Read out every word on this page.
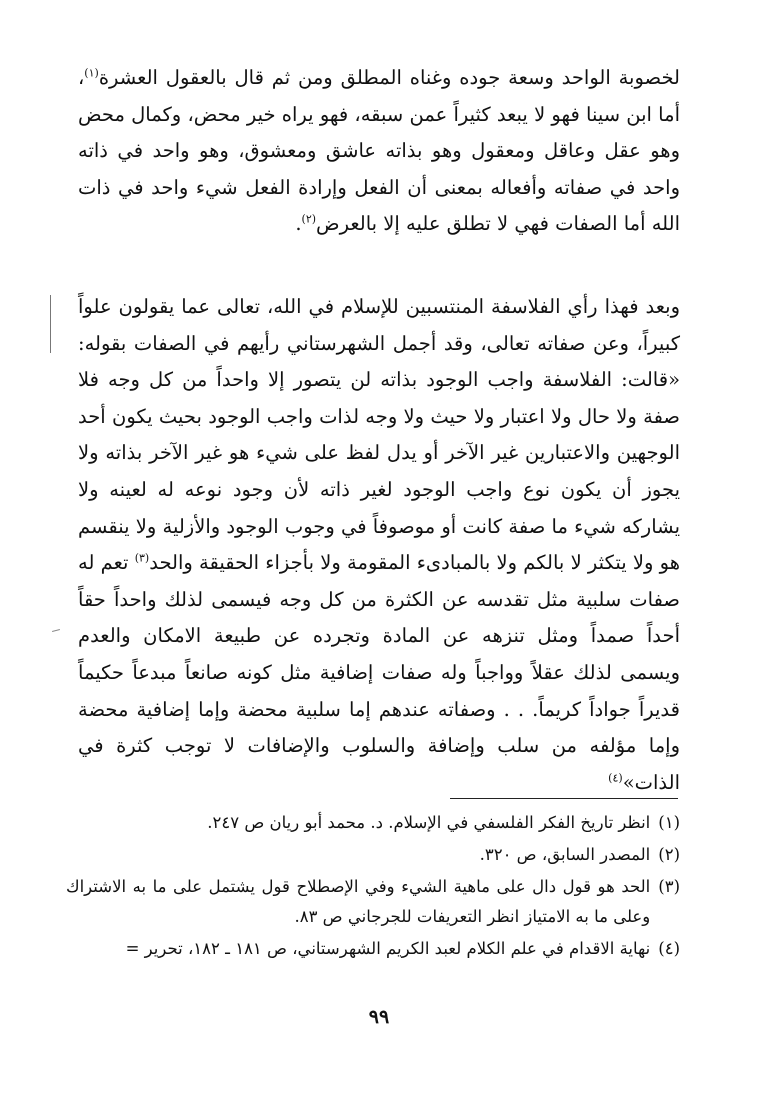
لخصوبة الواحد وسعة جوده وغناه المطلق ومن ثم قال بالعقول العشرة$^{(١)}$، أما ابن سينا فهو لا يبعد كثيراً عمن سبقه، فهو يراه خير محض، وكمال محض وهو عقل وعاقل ومعقول وهو بذاته عاشق ومعشوق، وهو واحد في ذاته واحد في صفاته وأفعاله بمعنى أن الفعل وإرادة الفعل شيء واحد في ذات الله أما الصفات فهي لا تطلق عليه إلا بالعرض$^{(٢)}$.

وبعد فهذا رأي الفلاسفة المنتسبين للإسلام في الله، تعالى عما يقولون علواً كبيراً، وعن صفاته تعالى، وقد أجمل الشهرستاني رأيهم في الصفات بقوله: «قالت: الفلاسفة واجب الوجود بذاته لن يتصور إلا واحداً من كل وجه فلا صفة ولا حال ولا اعتبار ولا حيث ولا وجه لذات واجب الوجود بحيث يكون أحد الوجهين والاعتبارين غير الآخر أو يدل لفظ على شيء هو غير الآخر بذاته ولا يجوز أن يكون نوع واجب الوجود لغير ذاته لأن وجود نوعه له لعينه ولا يشاركه شيء ما صفة كانت أو موصوفاً في وجوب الوجود والأزلية ولا ينقسم هو ولا يتكثر لا بالكم ولا بالمبادىء المقومة ولا بأجزاء الحقيقة والحد$^{(٣)}$ تعم له صفات سلبية مثل تقدسه عن الكثرة من كل وجه فيسمى لذلك واحداً حقاً أحداً صمداً ومثل تنزهه عن المادة وتجرده عن طبيعة الامكان والعدم ويسمى لذلك عقلاً وواجباً وله صفات إضافية مثل كونه صانعاً مبدعاً حكيماً قديراً جواداً كريماً. . . وصفاته عندهم إما سلبية محضة وإما إضافية محضة وإما مؤلفه من سلب وإضافة والسلوب والإضافات لا توجب كثرة في الذات»$^{(٤)}$

(١)
انظر تاريخ الفكر الفلسفي في الإسلام. د. محمد أبو ريان ص ٢٤٧.
(٢)
المصدر السابق، ص ٣٢٠.
(٣)
الحد هو قول دال على ماهية الشيء وفي الإصطلاح قول يشتمل على ما به الاشتراك وعلى ما به الامتياز انظر التعريفات للجرجاني ص ٨٣.
(٤)
نهاية الاقدام في علم الكلام لعبد الكريم الشهرستاني، ص ١٨١ ـ ١٨٢، تحرير =
٩٩
